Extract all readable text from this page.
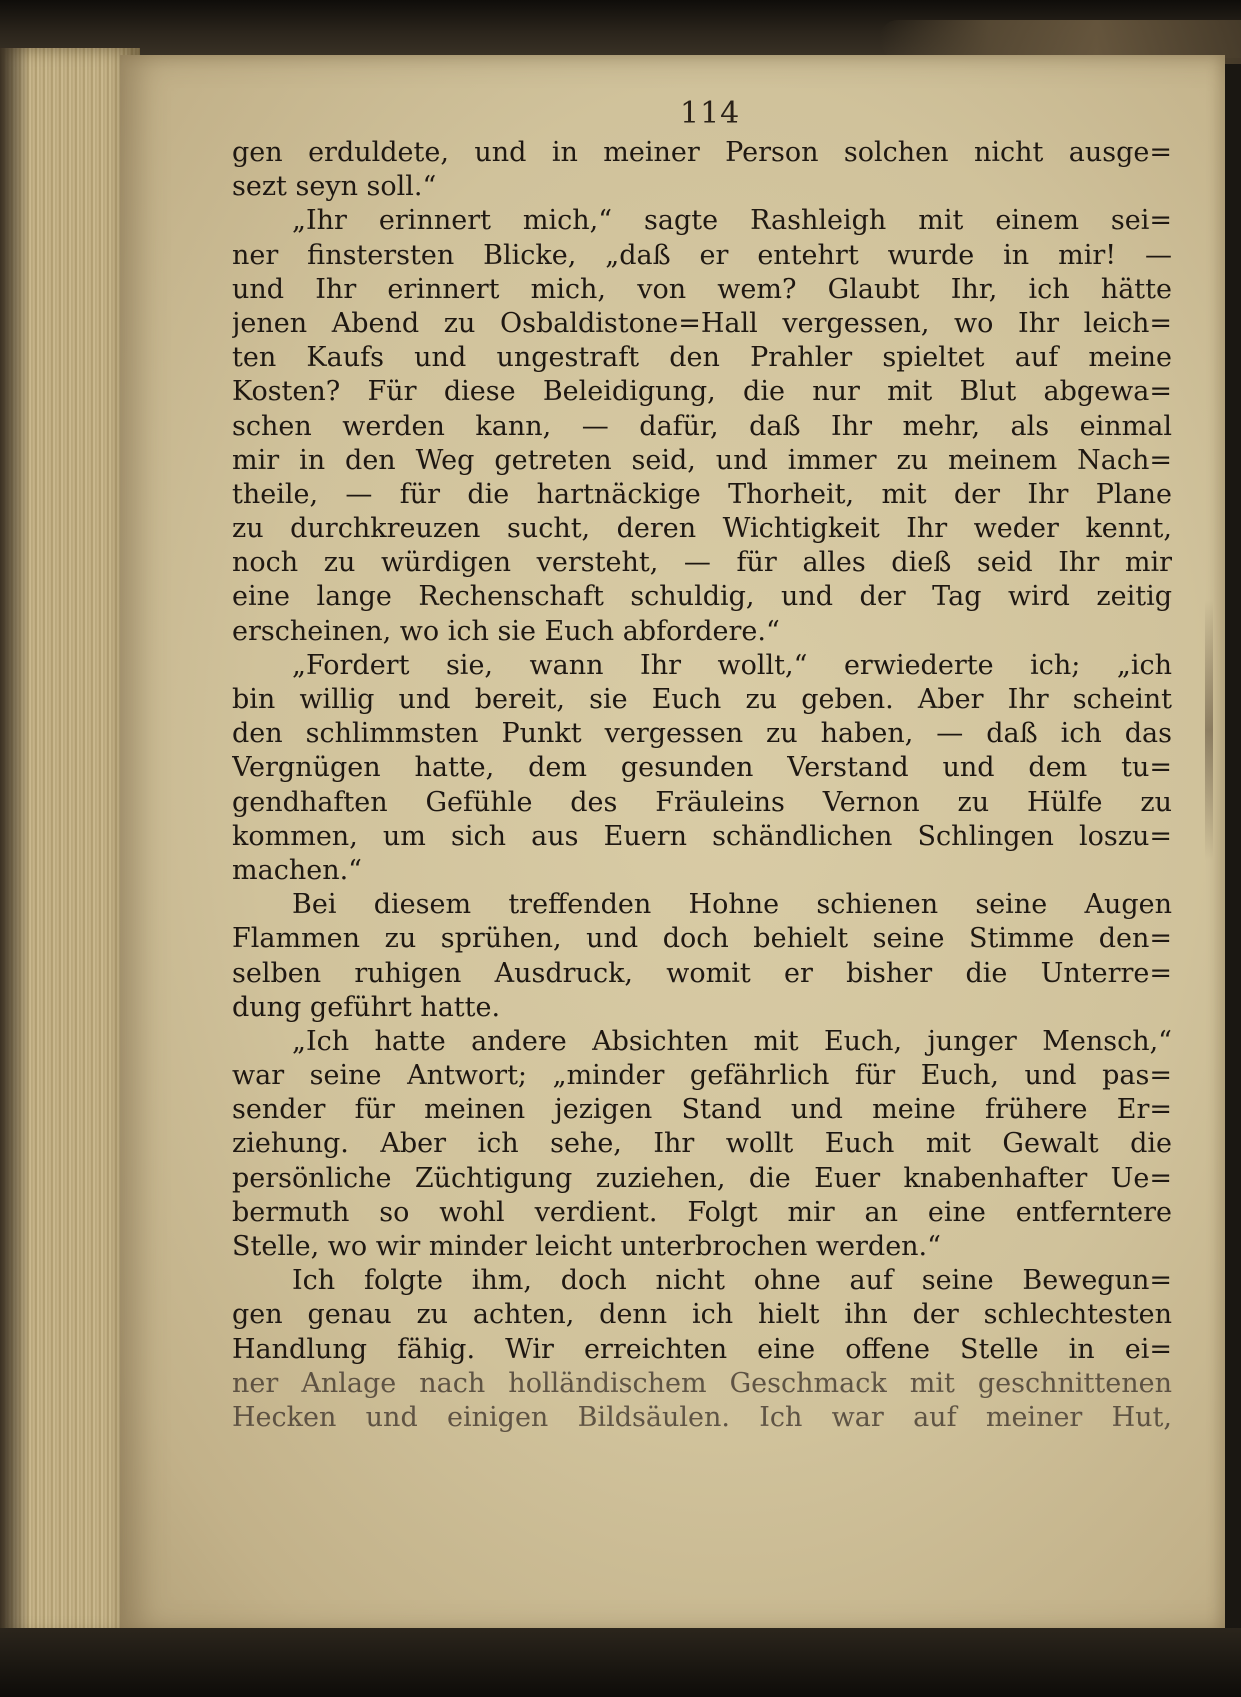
114
gen erduldete, und in meiner Person solchen nicht ausge=
sezt seyn soll.“
„Ihr erinnert mich,“ sagte Rashleigh mit einem sei=
ner finstersten Blicke, „daß er entehrt wurde in mir! —
und Ihr erinnert mich, von wem? Glaubt Ihr, ich hätte
jenen Abend zu Osbaldistone=Hall vergessen, wo Ihr leich=
ten Kaufs und ungestraft den Prahler spieltet auf meine
Kosten? Für diese Beleidigung, die nur mit Blut abgewa=
schen werden kann, — dafür, daß Ihr mehr, als einmal
mir in den Weg getreten seid, und immer zu meinem Nach=
theile, — für die hartnäckige Thorheit, mit der Ihr Plane
zu durchkreuzen sucht, deren Wichtigkeit Ihr weder kennt,
noch zu würdigen versteht, — für alles dieß seid Ihr mir
eine lange Rechenschaft schuldig, und der Tag wird zeitig
erscheinen, wo ich sie Euch abfordere.“
„Fordert sie, wann Ihr wollt,“ erwiederte ich; „ich
bin willig und bereit, sie Euch zu geben. Aber Ihr scheint
den schlimmsten Punkt vergessen zu haben, — daß ich das
Vergnügen hatte, dem gesunden Verstand und dem tu=
gendhaften Gefühle des Fräuleins Vernon zu Hülfe zu
kommen, um sich aus Euern schändlichen Schlingen loszu=
machen.“
Bei diesem treffenden Hohne schienen seine Augen
Flammen zu sprühen, und doch behielt seine Stimme den=
selben ruhigen Ausdruck, womit er bisher die Unterre=
dung geführt hatte.
„Ich hatte andere Absichten mit Euch, junger Mensch,“
war seine Antwort; „minder gefährlich für Euch, und pas=
sender für meinen jezigen Stand und meine frühere Er=
ziehung. Aber ich sehe, Ihr wollt Euch mit Gewalt die
persönliche Züchtigung zuziehen, die Euer knabenhafter Ue=
bermuth so wohl verdient. Folgt mir an eine entferntere
Stelle, wo wir minder leicht unterbrochen werden.“
Ich folgte ihm, doch nicht ohne auf seine Bewegun=
gen genau zu achten, denn ich hielt ihn der schlechtesten
Handlung fähig. Wir erreichten eine offene Stelle in ei=
ner Anlage nach holländischem Geschmack mit geschnittenen
Hecken und einigen Bildsäulen. Ich war auf meiner Hut,
